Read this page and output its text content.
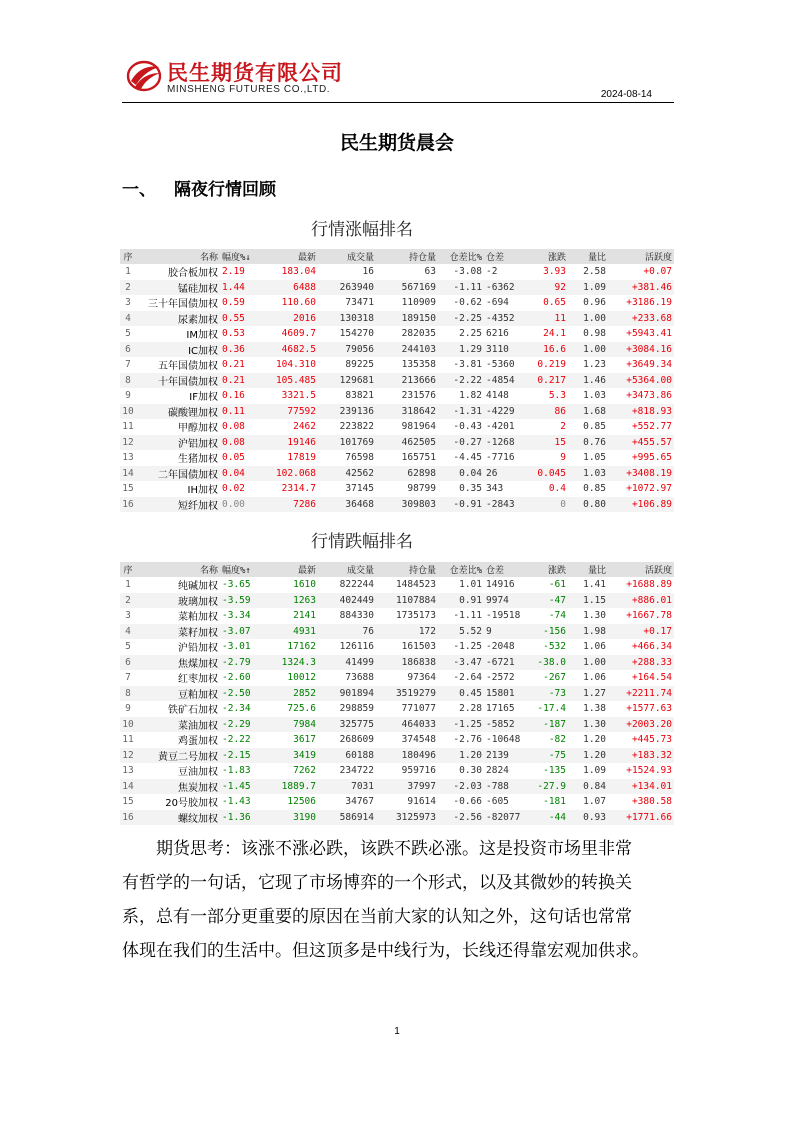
民生期货有限公司
MINSHENG FUTURES CO.,LTD.	2024-08-14
民生期货晨会
一、 隔夜行情回顾
行情涨幅排名
序	名称	幅度%↓	最新	成交量	持仓量	仓差比%	仓差	涨跌	量比	活跃度
1	胶合板加权	2.19	183.04	16	63	-3.08	-2	3.93	2.58	+0.07
2	锰硅加权	1.44	6488	263940	567169	-1.11	-6362	92	1.09	+381.46
3	三十年国债加权	0.59	110.60	73471	110909	-0.62	-694	0.65	0.96	+3186.19
4	尿素加权	0.55	2016	130318	189150	-2.25	-4352	11	1.00	+233.68
5	IM加权	0.53	4609.7	154270	282035	2.25	6216	24.1	0.98	+5943.41
6	IC加权	0.36	4682.5	79056	244103	1.29	3110	16.6	1.00	+3084.16
7	五年国债加权	0.21	104.310	89225	135358	-3.81	-5360	0.219	1.23	+3649.34
8	十年国债加权	0.21	105.485	129681	213666	-2.22	-4854	0.217	1.46	+5364.00
9	IF加权	0.16	3321.5	83821	231576	1.82	4148	5.3	1.03	+3473.86
10	碳酸锂加权	0.11	77592	239136	318642	-1.31	-4229	86	1.68	+818.93
11	甲醇加权	0.08	2462	223822	981964	-0.43	-4201	2	0.85	+552.77
12	沪铝加权	0.08	19146	101769	462505	-0.27	-1268	15	0.76	+455.57
13	生猪加权	0.05	17819	76598	165751	-4.45	-7716	9	1.05	+995.65
14	二年国债加权	0.04	102.068	42562	62898	0.04	26	0.045	1.03	+3408.19
15	IH加权	0.02	2314.7	37145	98799	0.35	343	0.4	0.85	+1072.97
16	短纤加权	0.00	7286	36468	309803	-0.91	-2843	0	0.80	+106.89
行情跌幅排名
序	名称	幅度%↑	最新	成交量	持仓量	仓差比%	仓差	涨跌	量比	活跃度
1	纯碱加权	-3.65	1610	822244	1484523	1.01	14916	-61	1.41	+1688.89
2	玻璃加权	-3.59	1263	402449	1107884	0.91	9974	-47	1.15	+886.01
3	菜粕加权	-3.34	2141	884330	1735173	-1.11	-19518	-74	1.30	+1667.78
4	菜籽加权	-3.07	4931	76	172	5.52	9	-156	1.98	+0.17
5	沪铅加权	-3.01	17162	126116	161503	-1.25	-2048	-532	1.06	+466.34
6	焦煤加权	-2.79	1324.3	41499	186838	-3.47	-6721	-38.0	1.00	+288.33
7	红枣加权	-2.60	10012	73688	97364	-2.64	-2572	-267	1.06	+164.54
8	豆粕加权	-2.50	2852	901894	3519279	0.45	15801	-73	1.27	+2211.74
9	铁矿石加权	-2.34	725.6	298859	771077	2.28	17165	-17.4	1.38	+1577.63
10	菜油加权	-2.29	7984	325775	464033	-1.25	-5852	-187	1.30	+2003.20
11	鸡蛋加权	-2.22	3617	268609	374548	-2.76	-10648	-82	1.20	+445.73
12	黄豆二号加权	-2.15	3419	60188	180496	1.20	2139	-75	1.20	+183.32
13	豆油加权	-1.83	7262	234722	959716	0.30	2824	-135	1.09	+1524.93
14	焦炭加权	-1.45	1889.7	7031	37997	-2.03	-788	-27.9	0.84	+134.01
15	20号胶加权	-1.43	12506	34767	91614	-0.66	-605	-181	1.07	+380.58
16	螺纹加权	-1.36	3190	586914	3125973	-2.56	-82077	-44	0.93	+1771.66
期货思考：该涨不涨必跌，该跌不跌必涨。这是投资市场里非常
有哲学的一句话，它现了市场博弈的一个形式，以及其微妙的转换关
系，总有一部分更重要的原因在当前大家的认知之外，这句话也常常
体现在我们的生活中。但这顶多是中线行为，长线还得靠宏观加供求。
1
